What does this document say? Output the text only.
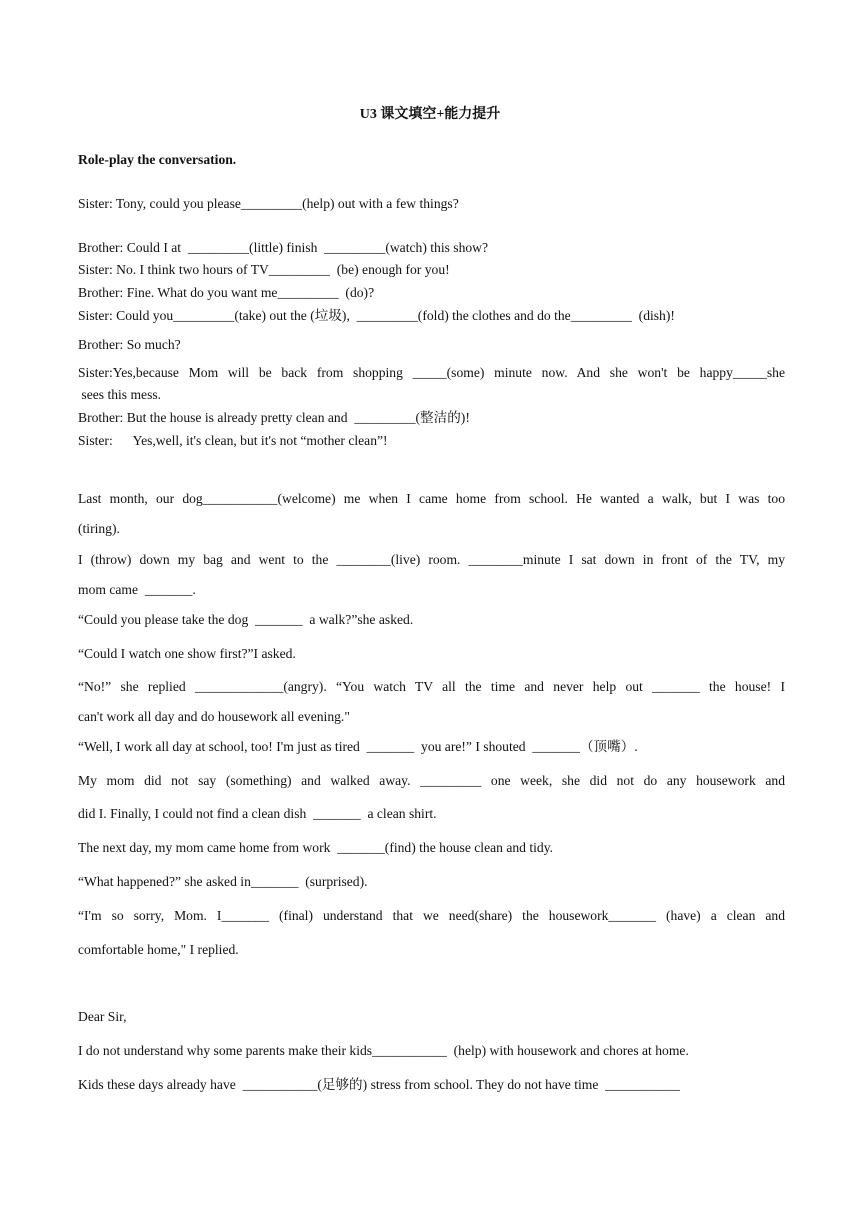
U3 课文填空+能力提升
Role-play the conversation.
Sister: Tony, could you please_________(help) out with a few things?
Brother: Could I at  _________(little) finish  _________(watch) this show?
Sister: No. I think two hours of TV_________  (be) enough for you!
Brother: Fine. What do you want me_________  (do)?
Sister: Could you_________(take) out the (垃圾),  _________(fold) the clothes and do the_________  (dish)!
Brother: So much?
Sister:Yes,because Mom will be back from shopping _____(some) minute now. And she won't be happy_____she
sees this mess.
Brother: But the house is already pretty clean and  _________(整洁的)!
Sister:      Yes,well, it's clean, but it's not “mother clean”!
Last month, our dog___________(welcome) me when I came home from school. He wanted a walk, but I was too
(tiring).
I (throw) down my bag and went to the ________(live) room. ________minute I sat down in front of the TV, my
mom came  _______.
“Could you please take the dog  _______  a walk?”she asked.
“Could I watch one show first?”I asked.
“No!” she replied _____________(angry). “You watch TV all the time and never help out _______ the house! I
can't work all day and do housework all evening."
“Well, I work all day at school, too! I'm just as tired  _______  you are!” I shouted  _______（顶嘴）.
My mom did not say (something) and walked away. _________ one week, she did not do any housework and
did I. Finally, I could not find a clean dish  _______  a clean shirt.
The next day, my mom came home from work  _______(find) the house clean and tidy.
“What happened?” she asked in_______  (surprised).
“I'm so sorry, Mom. I_______ (final) understand that we need(share) the housework_______ (have) a clean and
comfortable home," I replied.
Dear Sir,
I do not understand why some parents make their kids___________  (help) with housework and chores at home.
Kids these days already have  ___________(足够的) stress from school. They do not have time  ___________
